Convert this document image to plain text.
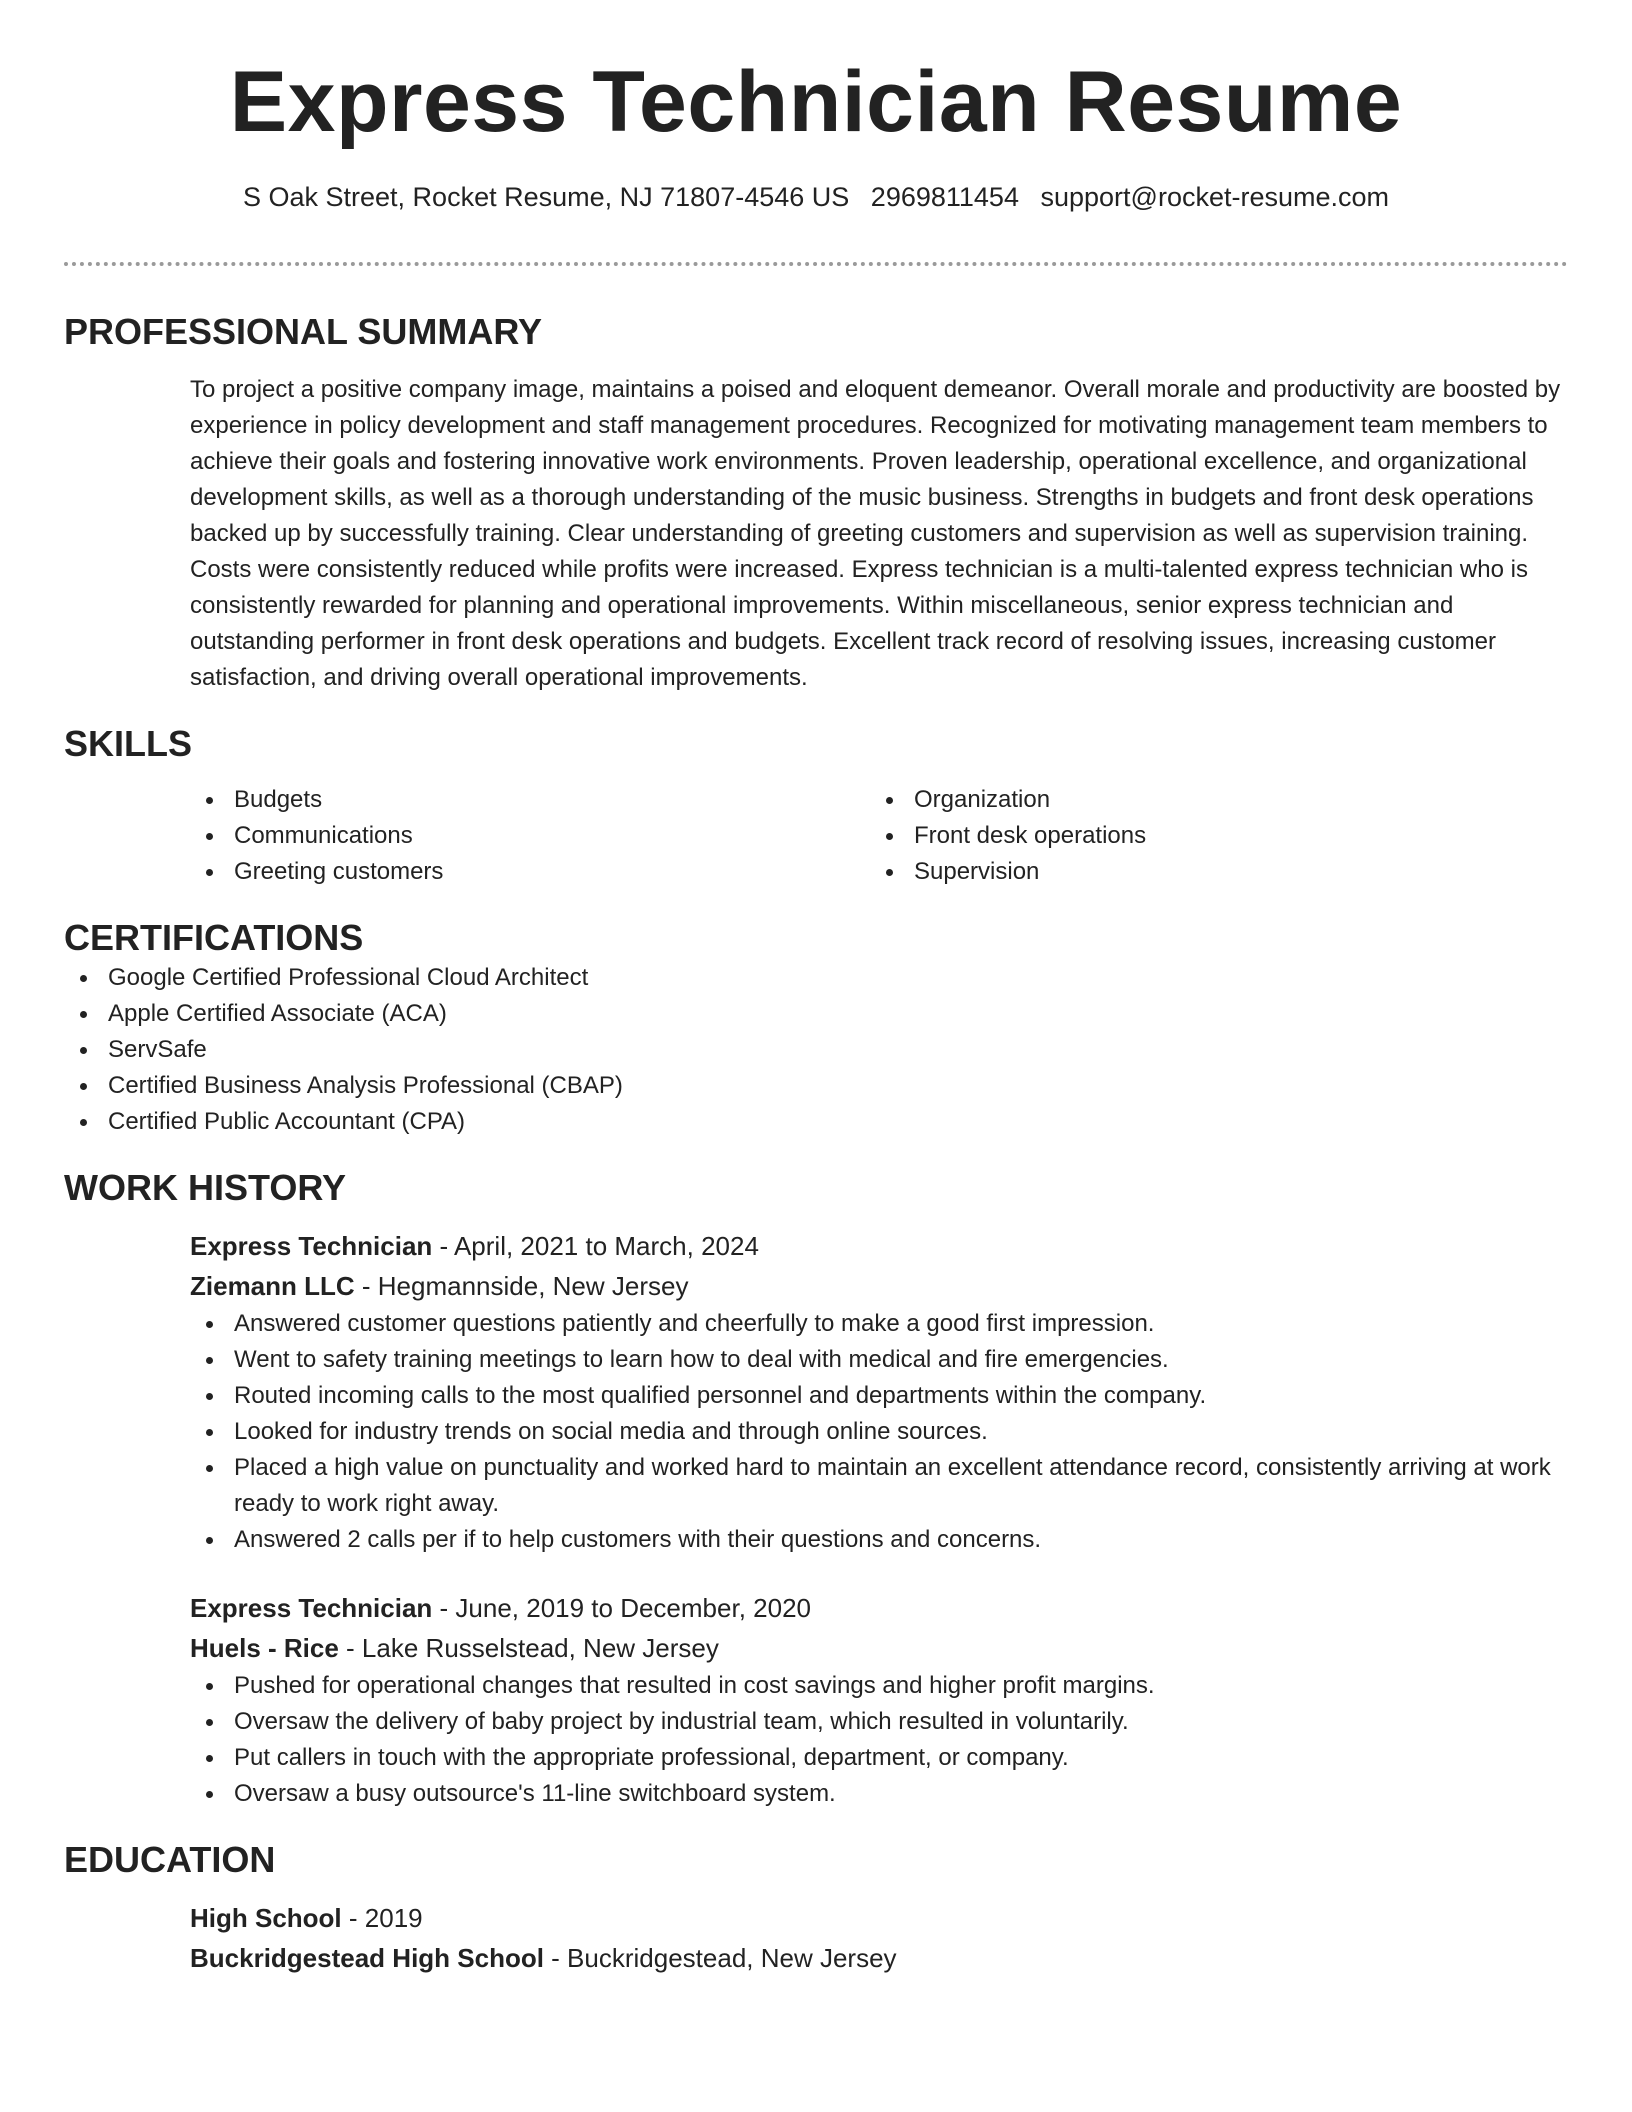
Express Technician Resume
S Oak Street, Rocket Resume, NJ 71807-4546 US 2969811454 support@rocket-resume.com
PROFESSIONAL SUMMARY

To project a positive company image, maintains a poised and eloquent demeanor. Overall morale and productivity are boosted by experience in policy development and staff management procedures. Recognized for motivating management team members to achieve their goals and fostering innovative work environments. Proven leadership, operational excellence, and organizational development skills, as well as a thorough understanding of the music business. Strengths in budgets and front desk operations backed up by successfully training. Clear understanding of greeting customers and supervision as well as supervision training. Costs were consistently reduced while profits were increased. Express technician is a multi-talented express technician who is consistently rewarded for planning and operational improvements. Within miscellaneous, senior express technician and outstanding performer in front desk operations and budgets. Excellent track record of resolving issues, increasing customer satisfaction, and driving overall operational improvements.

SKILLS
Budgets
Communications
Greeting customers
Organization
Front desk operations
Supervision
CERTIFICATIONS
Google Certified Professional Cloud Architect
Apple Certified Associate (ACA)
ServSafe
Certified Business Analysis Professional (CBAP)
Certified Public Accountant (CPA)
WORK HISTORY
Express Technician - April, 2021 to March, 2024
Ziemann LLC - Hegmannside, New Jersey
Answered customer questions patiently and cheerfully to make a good first impression.
Went to safety training meetings to learn how to deal with medical and fire emergencies.
Routed incoming calls to the most qualified personnel and departments within the company.
Looked for industry trends on social media and through online sources.
Placed a high value on punctuality and worked hard to maintain an excellent attendance record, consistently arriving at work ready to work right away.
Answered 2 calls per if to help customers with their questions and concerns.
Express Technician - June, 2019 to December, 2020
Huels - Rice - Lake Russelstead, New Jersey
Pushed for operational changes that resulted in cost savings and higher profit margins.
Oversaw the delivery of baby project by industrial team, which resulted in voluntarily.
Put callers in touch with the appropriate professional, department, or company.
Oversaw a busy outsource's 11-line switchboard system.
EDUCATION
High School - 2019
Buckridgestead High School - Buckridgestead, New Jersey
